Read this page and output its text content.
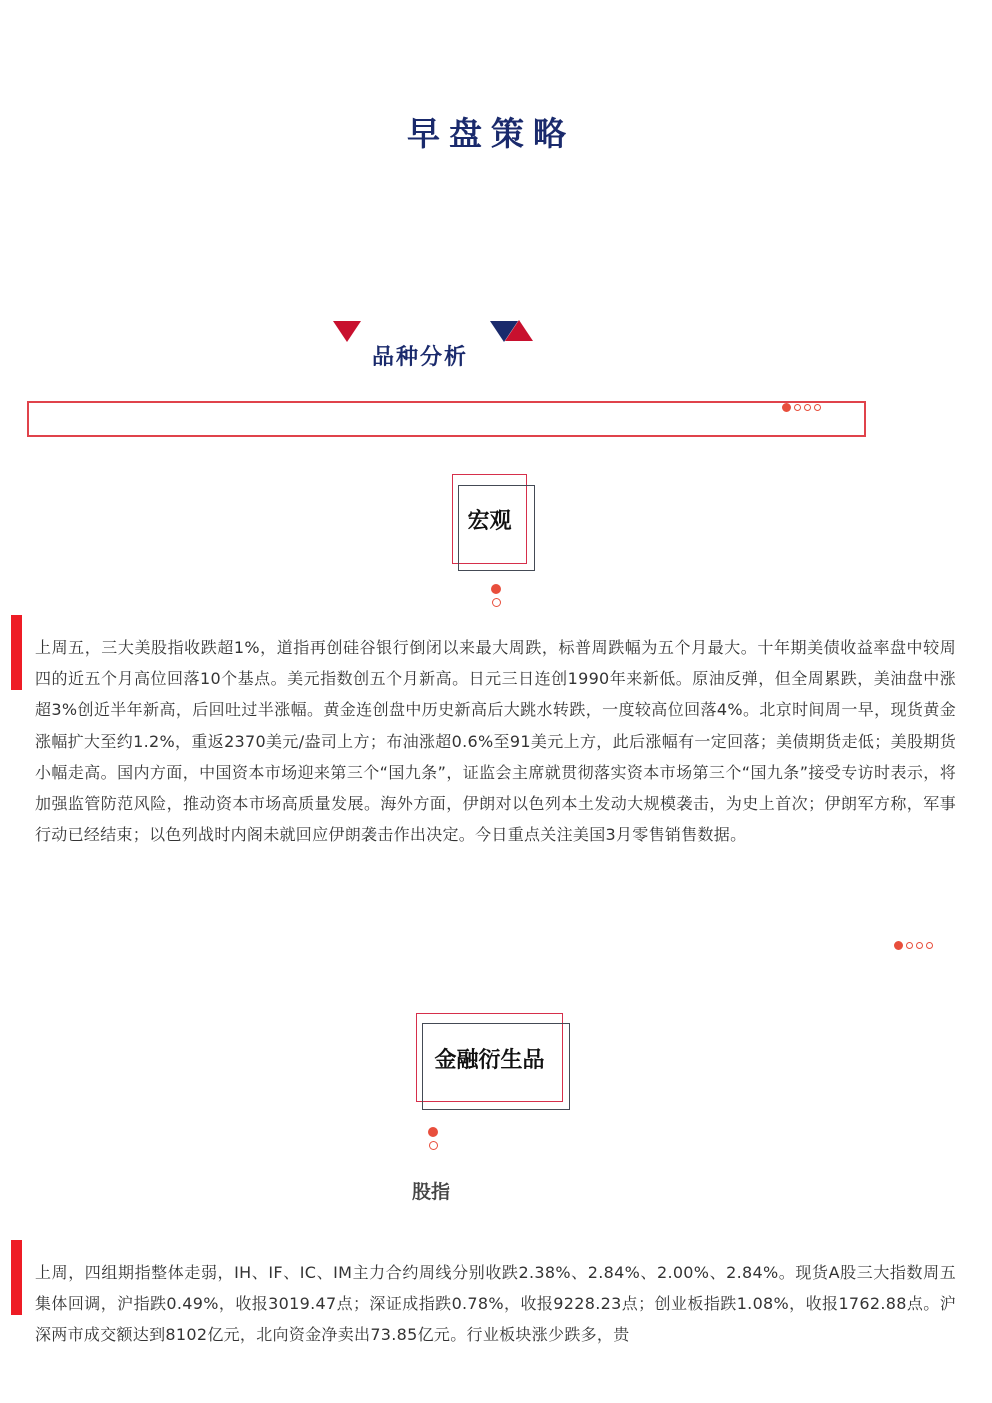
早盘策略
品种分析
宏观
上周五，三大美股指收跌超1%，道指再创硅谷银行倒闭以来最大周跌，标普周跌幅为五个月最大。十年期美债收益率盘中较周四的近五个月高位回落10个基点。美元指数创五个月新高。日元三日连创1990年来新低。原油反弹，但全周累跌，美油盘中涨超3%创近半年新高，后回吐过半涨幅。黄金连创盘中历史新高后大跳水转跌，一度较高位回落4%。北京时间周一早，现货黄金涨幅扩大至约1.2%，重返2370美元/盎司上方；布油涨超0.6%至91美元上方，此后涨幅有一定回落；美债期货走低；美股期货小幅走高。国内方面，中国资本市场迎来第三个“国九条”，证监会主席就贯彻落实资本市场第三个“国九条”接受专访时表示，将加强监管防范风险，推动资本市场高质量发展。海外方面，伊朗对以色列本土发动大规模袭击，为史上首次；伊朗军方称，军事行动已经结束；以色列战时内阁未就回应伊朗袭击作出决定。今日重点关注美国3月零售销售数据。
金融衍生品
股指
上周，四组期指整体走弱，IH、IF、IC、IM主力合约周线分别收跌2.38%、2.84%、2.00%、2.84%。现货A股三大指数周五集体回调，沪指跌0.49%，收报3019.47点；深证成指跌0.78%，收报9228.23点；创业板指跌1.08%，收报1762.88点。沪深两市成交额达到8102亿元，北向资金净卖出73.85亿元。行业板块涨少跌多，贵
